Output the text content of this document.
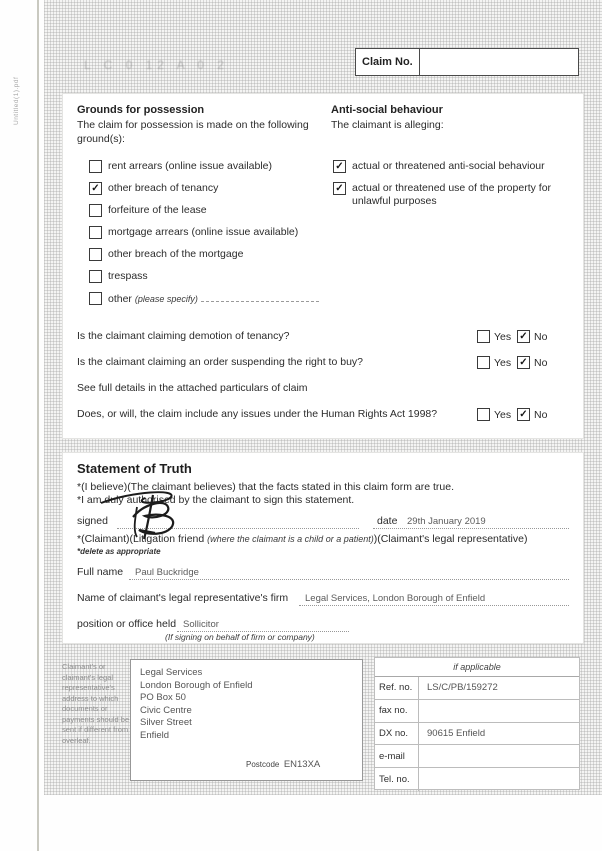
Untitled(1).pdf
L C 0 12 A 0 2	Claim No.
Grounds for possession
The claim for possession is made on the following ground(s):
Anti-social behaviour
The claimant is alleging:
rent arrears (online issue available)
✓ other breach of tenancy
forfeiture of the lease
mortgage arrears (online issue available)
other breach of the mortgage
trespass
other (please specify)
✓ actual or threatened anti-social behaviour
✓ actual or threatened use of the property for unlawful purposes
Is the claimant claiming demotion of tenancy?	Yes ✓ No
Is the claimant claiming an order suspending the right to buy?	Yes ✓ No
See full details in the attached particulars of claim
Does, or will, the claim include any issues under the Human Rights Act 1998?	Yes ✓ No
Statement of Truth
*(I believe)(The claimant believes) that the facts stated in this claim form are true.
*I am duly authorised by the claimant to sign this statement.
signed	date 29th January 2019
*(Claimant)(Litigation friend (where the claimant is a child or a patient))(Claimant's legal representative)
*delete as appropriate
Full name Paul Buckridge
Name of claimant's legal representative's firm Legal Services, London Borough of Enfield
position or office held Sollicitor
(If signing on behalf of firm or company)
Claimant's or claimant's legal representative's address to which documents or payments should be sent if different from overleaf.
Legal Services
London Borough of Enfield
PO Box 50
Civic Centre
Silver Street
Enfield
Postcode EN13XA
if applicable
Ref. no.	LS/C/PB/159272
fax no.
DX no.	90615 Enfield
e-mail
Tel. no.
